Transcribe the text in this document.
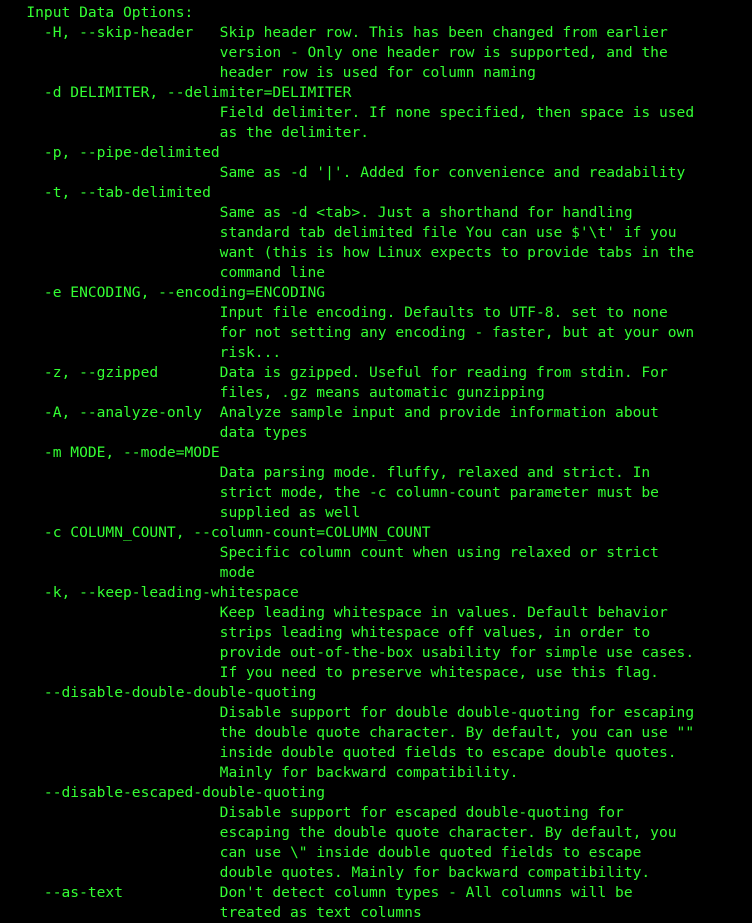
Input Data Options:
-H, --skip-header   Skip header row. This has been changed from earlier
version - Only one header row is supported, and the
header row is used for column naming
-d DELIMITER, --delimiter=DELIMITER
Field delimiter. If none specified, then space is used
as the delimiter.
-p, --pipe-delimited
Same as -d '|'. Added for convenience and readability
-t, --tab-delimited
Same as -d <tab>. Just a shorthand for handling
standard tab delimited file You can use $'\t' if you
want (this is how Linux expects to provide tabs in the
command line
-e ENCODING, --encoding=ENCODING
Input file encoding. Defaults to UTF-8. set to none
for not setting any encoding - faster, but at your own
risk...
-z, --gzipped       Data is gzipped. Useful for reading from stdin. For
files, .gz means automatic gunzipping
-A, --analyze-only  Analyze sample input and provide information about
data types
-m MODE, --mode=MODE
Data parsing mode. fluffy, relaxed and strict. In
strict mode, the -c column-count parameter must be
supplied as well
-c COLUMN_COUNT, --column-count=COLUMN_COUNT
Specific column count when using relaxed or strict
mode
-k, --keep-leading-whitespace
Keep leading whitespace in values. Default behavior
strips leading whitespace off values, in order to
provide out-of-the-box usability for simple use cases.
If you need to preserve whitespace, use this flag.
--disable-double-double-quoting
Disable support for double double-quoting for escaping
the double quote character. By default, you can use ""
inside double quoted fields to escape double quotes.
Mainly for backward compatibility.
--disable-escaped-double-quoting
Disable support for escaped double-quoting for
escaping the double quote character. By default, you
can use \" inside double quoted fields to escape
double quotes. Mainly for backward compatibility.
--as-text           Don't detect column types - All columns will be
treated as text columns
